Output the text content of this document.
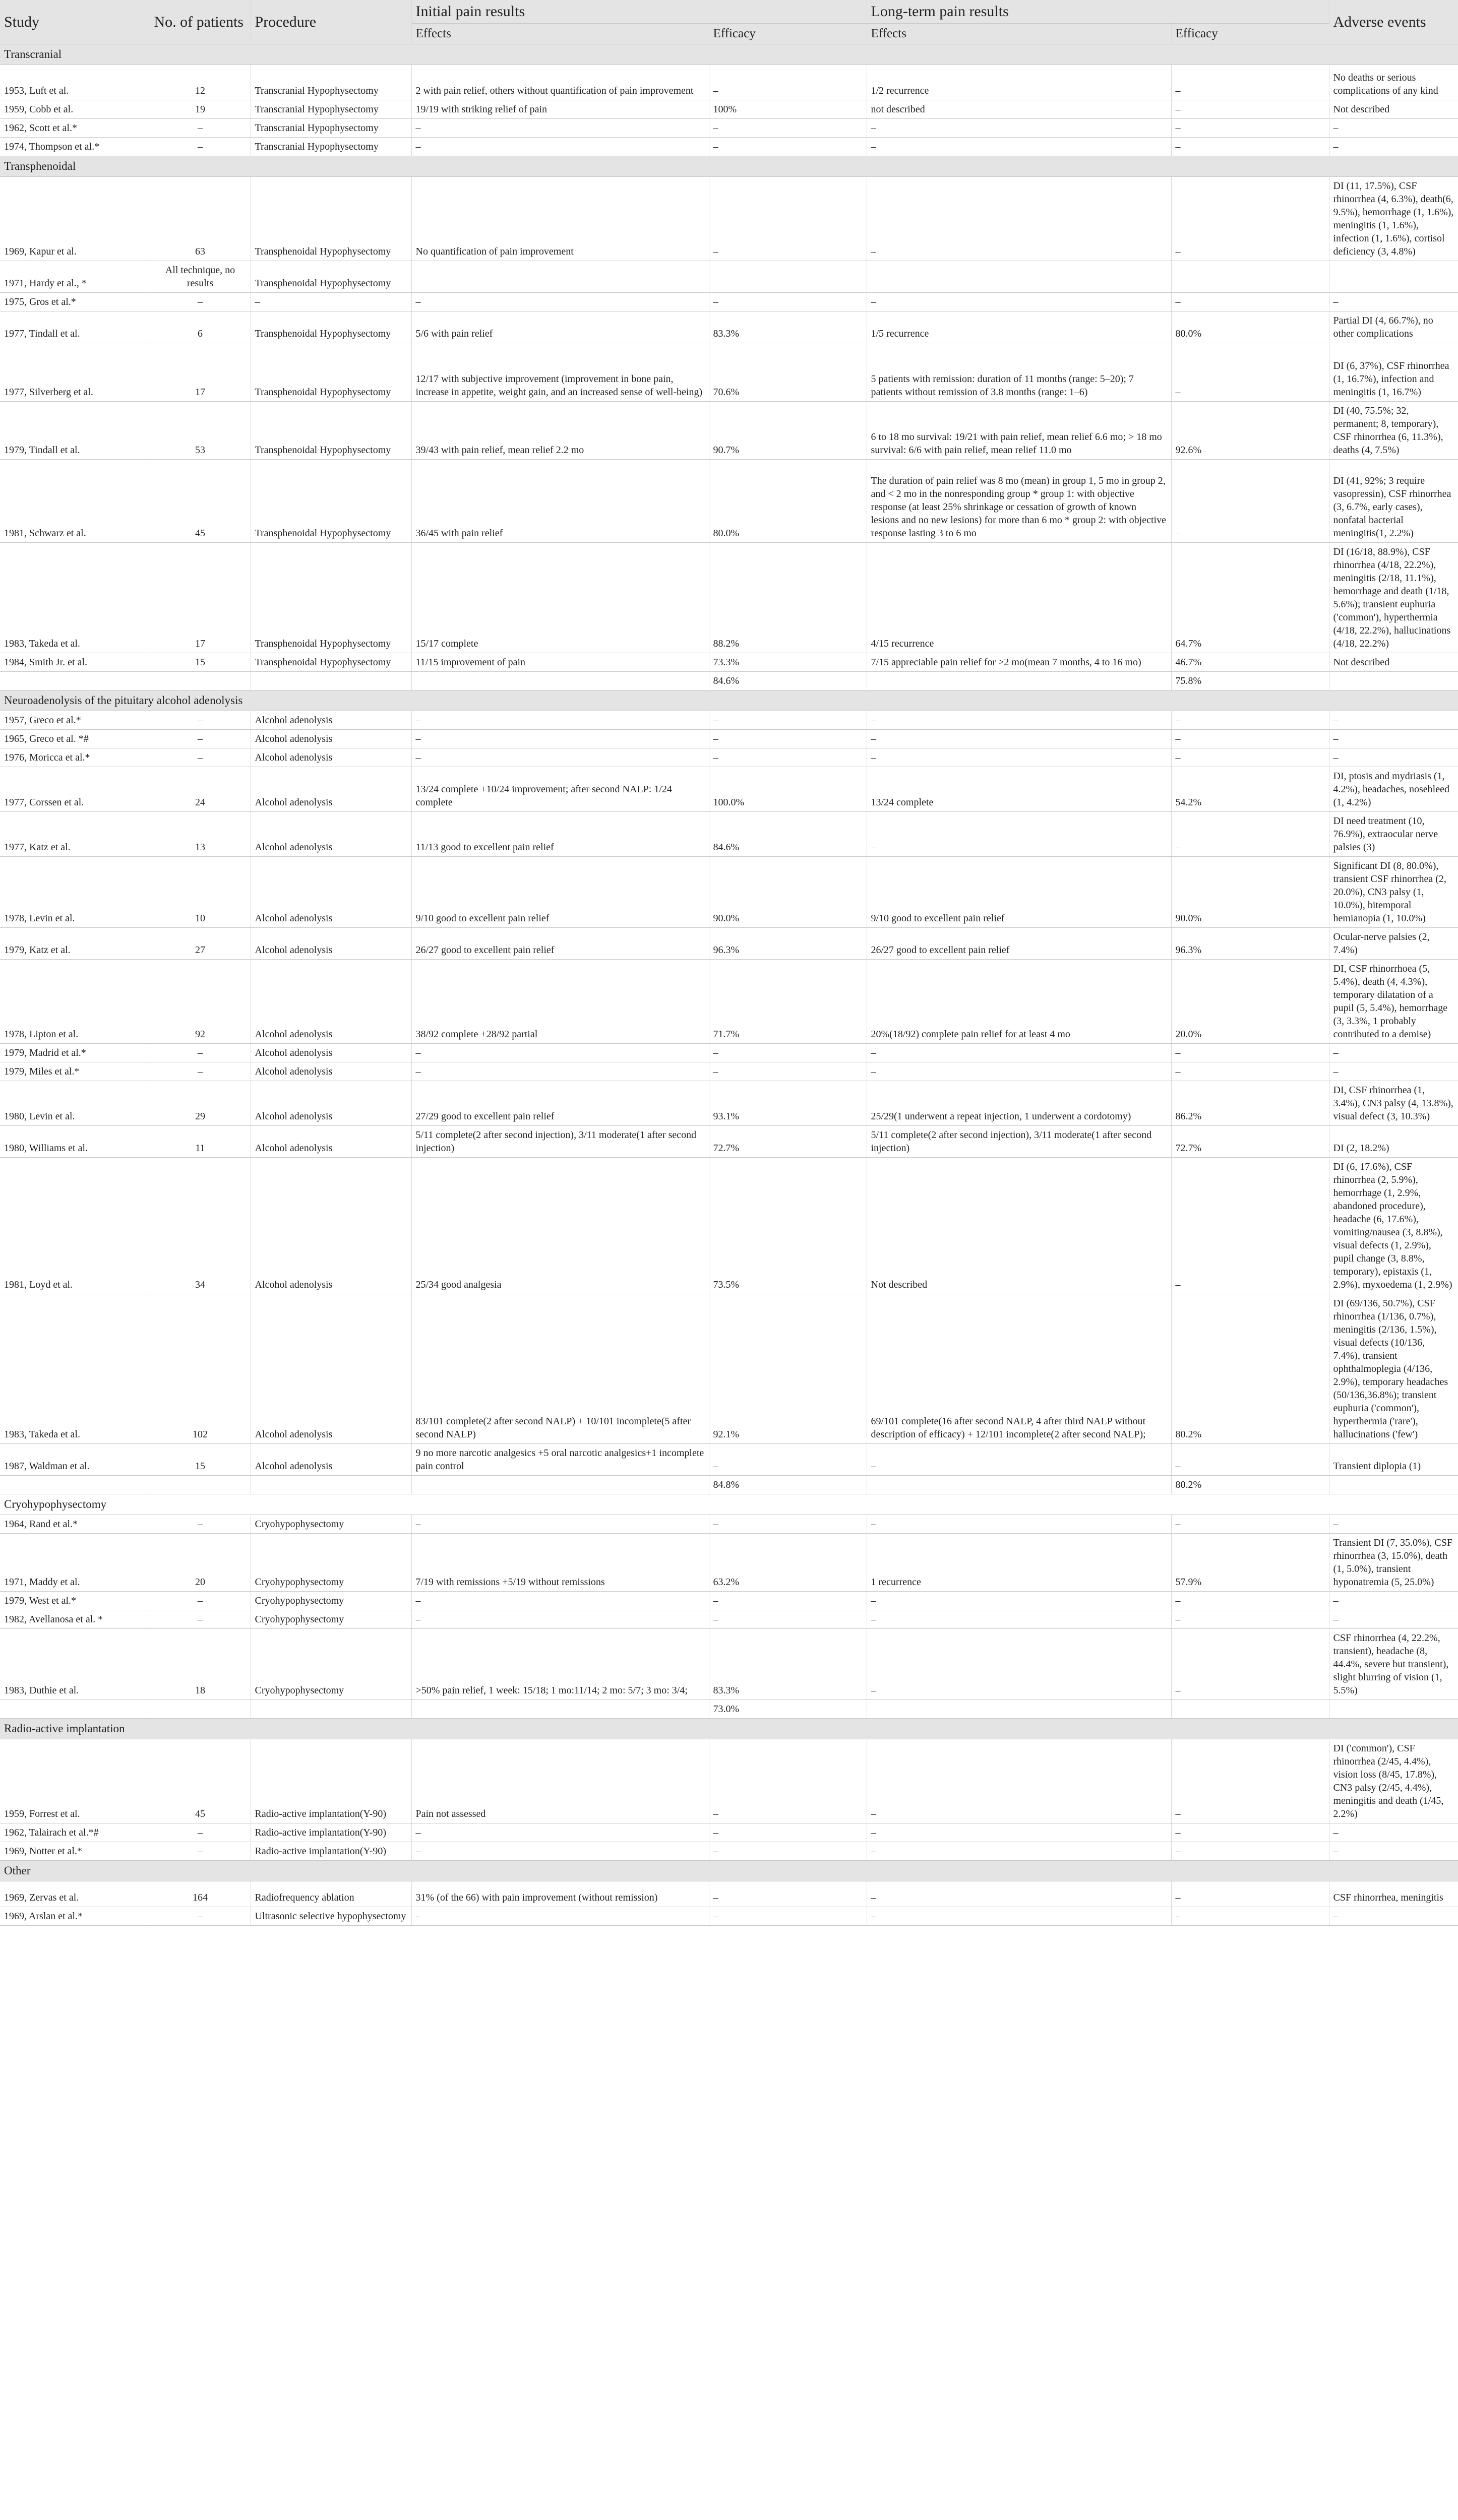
Study	No. of patients	Procedure	Initial pain results		Long-term pain results		Adverse events
			Effects	Efficacy	Effects	Efficacy	
Transcranial							
1953, Luft et al.	12	Transcranial Hypophysectomy	2 with pain relief, others without quantification of pain improvement	–	1/2 recurrence	–	No deaths or serious complications of any kind
1959, Cobb et al.	19	Transcranial Hypophysectomy	19/19 with striking relief of pain	100%	not described	–	Not described
1962, Scott et al.*	–	Transcranial Hypophysectomy	–	–	–	–	–
1974, Thompson et al.*	–	Transcranial Hypophysectomy	–	–	–	–	–
Transphenoidal							
1969, Kapur et al.	63	Transphenoidal Hypophysectomy	No quantification of pain improvement	–	–	–	DI (11, 17.5%), CSF rhinorrhea (4, 6.3%), death(6, 9.5%), hemorrhage (1, 1.6%), meningitis (1, 1.6%), infection (1, 1.6%), cortisol deficiency (3, 4.8%)
1971, Hardy et al., *	All technique, no results	Transphenoidal Hypophysectomy	–				–
1975, Gros et al.*	–	–	–	–	–	–	–
1977, Tindall et al.	6	Transphenoidal Hypophysectomy	5/6 with pain relief	83.3%	1/5 recurrence	80.0%	Partial DI (4, 66.7%), no other complications
1977, Silverberg et al.	17	Transphenoidal Hypophysectomy	12/17 with subjective improvement (improvement in bone pain, increase in appetite, weight gain, and an increased sense of well-being)	70.6%	5 patients with remission: duration of 11 months (range: 5–20); 7 patients without remission of 3.8 months (range: 1–6)	–	DI (6, 37%), CSF rhinorrhea (1, 16.7%), infection and meningitis (1, 16.7%)
1979, Tindall et al.	53	Transphenoidal Hypophysectomy	39/43 with pain relief, mean relief 2.2 mo	90.7%	6 to 18 mo survival: 19/21 with pain relief, mean relief 6.6 mo; > 18 mo survival: 6/6 with pain relief, mean relief 11.0 mo	92.6%	DI (40, 75.5%; 32, permanent; 8, temporary), CSF rhinorrhea (6, 11.3%), deaths (4, 7.5%)
1981, Schwarz et al.	45	Transphenoidal Hypophysectomy	36/45 with pain relief	80.0%	The duration of pain relief was 8 mo (mean) in group 1, 5 mo in group 2, and < 2 mo in the nonresponding group * group 1: with objective response (at least 25% shrinkage or cessation of growth of known lesions and no new lesions) for more than 6 mo * group 2: with objective response lasting 3 to 6 mo	–	DI (41, 92%; 3 require vasopressin), CSF rhinorrhea (3, 6.7%, early cases), nonfatal bacterial meningitis(1, 2.2%)
1983, Takeda et al.	17	Transphenoidal Hypophysectomy	15/17 complete	88.2%	4/15 recurrence	64.7%	DI (16/18, 88.9%), CSF rhinorrhea (4/18, 22.2%), meningitis (2/18, 11.1%), hemorrhage and death (1/18, 5.6%); transient euphuria ('common'), hyperthermia (4/18, 22.2%), hallucinations (4/18, 22.2%)
1984, Smith Jr. et al.	15	Transphenoidal Hypophysectomy	11/15 improvement of pain	73.3%	7/15 appreciable pain relief for >2 mo(mean 7 months, 4 to 16 mo)	46.7%	Not described
				84.6%		75.8%	
Neuroadenolysis of the pituitary alcohol adenolysis							
1957, Greco et al.*	–	Alcohol adenolysis	–	–	–	–	–
1965, Greco et al. *#	–	Alcohol adenolysis	–	–	–	–	–
1976, Moricca et al.*	–	Alcohol adenolysis	–	–	–	–	–
1977, Corssen et al.	24	Alcohol adenolysis	13/24 complete +10/24 improvement; after second NALP: 1/24 complete	100.0%	13/24 complete	54.2%	DI, ptosis and mydriasis (1, 4.2%), headaches, nosebleed (1, 4.2%)
1977, Katz et al.	13	Alcohol adenolysis	11/13 good to excellent pain relief	84.6%	–	–	DI need treatment (10, 76.9%), extraocular nerve palsies (3)
1978, Levin et al.	10	Alcohol adenolysis	9/10 good to excellent pain relief	90.0%	9/10 good to excellent pain relief	90.0%	Significant DI (8, 80.0%), transient CSF rhinorrhea (2, 20.0%), CN3 palsy (1, 10.0%), bitemporal hemianopia (1, 10.0%)
1979, Katz et al.	27	Alcohol adenolysis	26/27 good to excellent pain relief	96.3%	26/27 good to excellent pain relief	96.3%	Ocular-nerve palsies (2, 7.4%)
1978, Lipton et al.	92	Alcohol adenolysis	38/92 complete +28/92 partial	71.7%	20%(18/92) complete pain relief for at least 4 mo	20.0%	DI, CSF rhinorrhoea (5, 5.4%), death (4, 4.3%), temporary dilatation of a pupil (5, 5.4%), hemorrhage (3, 3.3%, 1 probably contributed to a demise)
1979, Madrid et al.*	–	Alcohol adenolysis	–	–	–	–	–
1979, Miles et al.*	–	Alcohol adenolysis	–	–	–	–	–
1980, Levin et al.	29	Alcohol adenolysis	27/29 good to excellent pain relief	93.1%	25/29(1 underwent a repeat injection, 1 underwent a cordotomy)	86.2%	DI, CSF rhinorrhea (1, 3.4%), CN3 palsy (4, 13.8%), visual defect (3, 10.3%)
1980, Williams et al.	11	Alcohol adenolysis	5/11 complete(2 after second injection), 3/11 moderate(1 after second injection)	72.7%	5/11 complete(2 after second injection), 3/11 moderate(1 after second injection)	72.7%	DI (2, 18.2%)
1981, Loyd et al.	34	Alcohol adenolysis	25/34 good analgesia	73.5%	Not described	–	DI (6, 17.6%), CSF rhinorrhea (2, 5.9%), hemorrhage (1, 2.9%, abandoned procedure), headache (6, 17.6%), vomiting/nausea (3, 8.8%), visual defects (1, 2.9%), pupil change (3, 8.8%, temporary), epistaxis (1, 2.9%), myxoedema (1, 2.9%)
1983, Takeda et al.	102	Alcohol adenolysis	83/101 complete(2 after second NALP) + 10/101 incomplete(5 after second NALP)	92.1%	69/101 complete(16 after second NALP, 4 after third NALP without description of efficacy) + 12/101 incomplete(2 after second NALP);	80.2%	DI (69/136, 50.7%), CSF rhinorrhea (1/136, 0.7%), meningitis (2/136, 1.5%), visual defects (10/136, 7.4%), transient ophthalmoplegia (4/136, 2.9%), temporary headaches (50/136,36.8%); transient euphuria ('common'), hyperthermia ('rare'), hallucinations ('few')
1987, Waldman et al.	15	Alcohol adenolysis	9 no more narcotic analgesics +5 oral narcotic analgesics+1 incomplete pain control	–	–	–	Transient diplopia (1)
				84.8%		80.2%	
Cryohypophysectomy							
1964, Rand et al.*	–	Cryohypophysectomy	–	–	–	–	–
1971, Maddy et al.	20	Cryohypophysectomy	7/19 with remissions +5/19 without remissions	63.2%	1 recurrence	57.9%	Transient DI (7, 35.0%), CSF rhinorrhea (3, 15.0%), death (1, 5.0%), transient hyponatremia (5, 25.0%)
1979, West et al.*	–	Cryohypophysectomy	–	–	–	–	–
1982, Avellanosa et al. *	–	Cryohypophysectomy	–	–	–	–	–
1983, Duthie et al.	18	Cryohypophysectomy	>50% pain relief, 1 week: 15/18; 1 mo:11/14; 2 mo: 5/7; 3 mo: 3/4;	83.3%	–	–	CSF rhinorrhea (4, 22.2%, transient), headache (8, 44.4%, severe but transient), slight blurring of vision (1, 5.5%)
				73.0%			
Radio-active implantation							
1959, Forrest et al.	45	Radio-active implantation(Y-90)	Pain not assessed	–	–	–	DI ('common'), CSF rhinorrhea (2/45, 4.4%), vision loss (8/45, 17.8%), CN3 palsy (2/45, 4.4%), meningitis and death (1/45, 2.2%)
1962, Talairach et al.*#	–	Radio-active implantation(Y-90)	–	–	–	–	–
1969, Notter et al.*	–	Radio-active implantation(Y-90)	–	–	–	–	–
Other							
1969, Zervas et al.	164	Radiofrequency ablation	31% (of the 66) with pain improvement (without remission)	–	–	–	CSF rhinorrhea, meningitis
1969, Arslan et al.*	–	Ultrasonic selective hypophysectomy	–	–	–	–	–
